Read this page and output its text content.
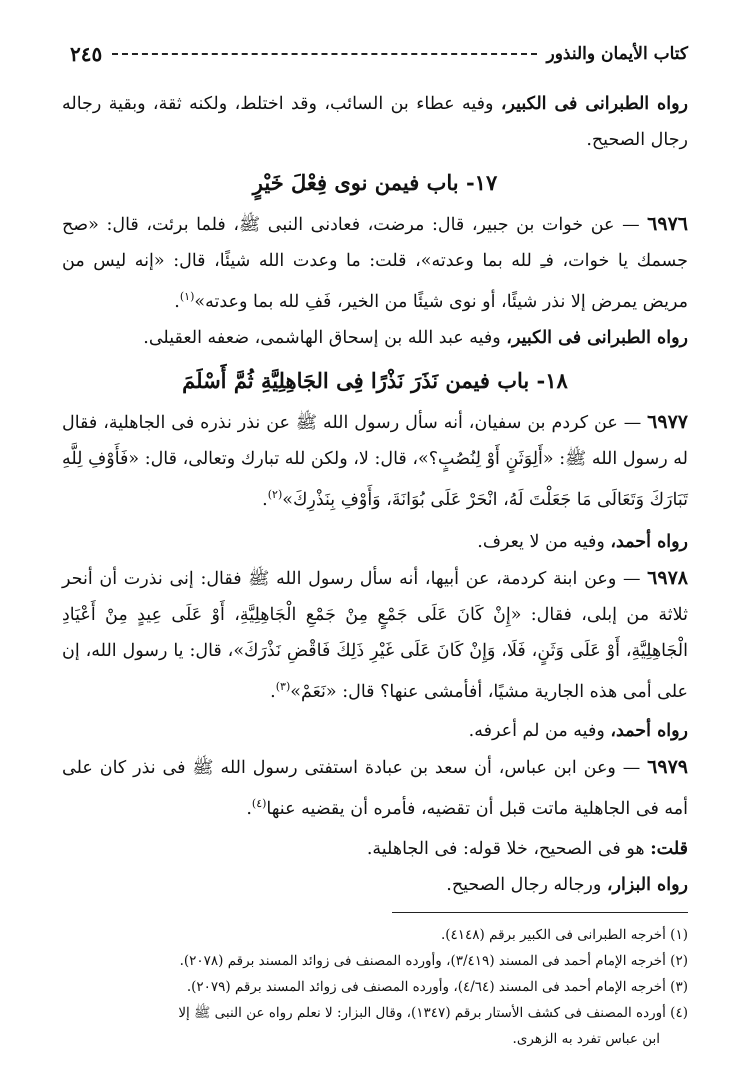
كتاب الأيمان والنذور
٢٤٥

رواه الطبرانى فى الكبير، وفيه عطاء بن السائب، وقد اختلط، ولكنه ثقة، وبقية رجاله رجال الصحيح.

١٧- باب فيمن نوى فِعْلَ خَيْرٍ

٦٩٧٦ — عن خوات بن جبير، قال: مرضت، فعادنى النبى ﷺ، فلما برئت، قال: «صح جسمك يا خوات، فـِ لله بما وعدته»، قلت: ما وعدت الله شيئًا، قال: «إنه ليس من مريض يمرض إلا نذر شيئًا، أو نوى شيئًا من الخير، فَفِ لله بما وعدته»$^{(١)}$.

رواه الطبرانى فى الكبير، وفيه عبد الله بن إسحاق الهاشمى، ضعفه العقيلى.

١٨- باب فيمن نَذَرَ نَذْرًا فِى الجَاهِلِيَّةِ ثُمَّ أَسْلَمَ

٦٩٧٧ — عن كردم بن سفيان، أنه سأل رسول الله ﷺ عن نذر نذره فى الجاهلية، فقال له رسول الله ﷺ: «أَلِوَثَنٍ أَوْ لِنُصُبٍ؟»، قال: لا، ولكن لله تبارك وتعالى، قال: «فَأَوْفِ لِلَّهِ تَبَارَكَ وَتَعَالَى مَا جَعَلْتَ لَهُ، انْحَرْ عَلَى بُوَانَةَ، وَأَوْفِ بِنَذْرِكَ»$^{(٢)}$.

رواه أحمد، وفيه من لا يعرف.

٦٩٧٨ — وعن ابنة كردمة، عن أبيها، أنه سأل رسول الله ﷺ فقال: إنى نذرت أن أنحر ثلاثة من إبلى، فقال: «إِنْ كَانَ عَلَى جَمْعٍ مِنْ جَمْعِ الْجَاهِلِيَّةِ، أَوْ عَلَى عِيدٍ مِنْ أَعْيَادِ الْجَاهِلِيَّةِ، أَوْ عَلَى وَثَنٍ، فَلَا، وَإِنْ كَانَ عَلَى غَيْرِ ذَلِكَ فَاقْضِ نَذْرَكَ»، قال: يا رسول الله، إن على أمى هذه الجارية مشيًا، أفأمشى عنها؟ قال: «نَعَمْ»$^{(٣)}$.

رواه أحمد، وفيه من لم أعرفه.

٦٩٧٩ — وعن ابن عباس، أن سعد بن عبادة استفتى رسول الله ﷺ فى نذر كان على أمه فى الجاهلية ماتت قبل أن تقضيه، فأمره أن يقضيه عنها$^{(٤)}$.

قلت: هو فى الصحيح، خلا قوله: فى الجاهلية.

رواه البزار، ورجاله رجال الصحيح.

(١) أخرجه الطبرانى فى الكبير برقم (٤١٤٨).

(٢) أخرجه الإمام أحمد فى المسند (٣/٤١٩)، وأورده المصنف فى زوائد المسند برقم (٢٠٧٨).

(٣) أخرجه الإمام أحمد فى المسند (٤/٦٤)، وأورده المصنف فى زوائد المسند برقم (٢٠٧٩).

(٤) أورده المصنف فى كشف الأستار برقم (١٣٤٧)، وقال البزار: لا نعلم رواه عن النبى ﷺ إلا

ابن عباس تفرد به الزهرى.
